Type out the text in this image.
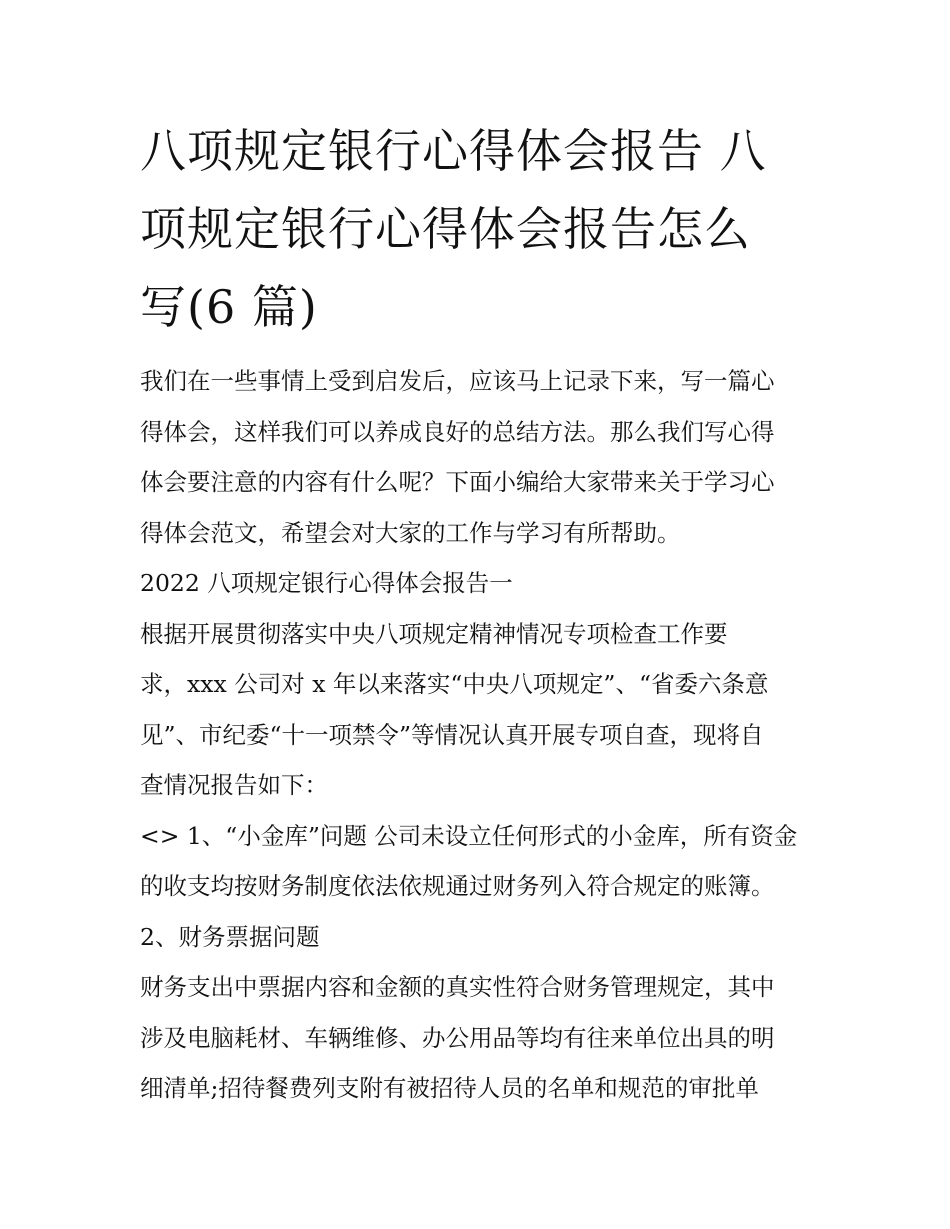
八项规定银行心得体会报告 八
项规定银行心得体会报告怎么
写(6 篇)
我们在一些事情上受到启发后，应该马上记录下来，写一篇心
得体会，这样我们可以养成良好的总结方法。那么我们写心得
体会要注意的内容有什么呢？下面小编给大家带来关于学习心
得体会范文，希望会对大家的工作与学习有所帮助。
2022 八项规定银行心得体会报告一
根据开展贯彻落实中央八项规定精神情况专项检查工作要
求，xxx 公司对 x 年以来落实“中央八项规定”、“省委六条意
见”、市纪委“十一项禁令”等情况认真开展专项自查，现将自
查情况报告如下：
<> 1、“小金库”问题 公司未设立任何形式的小金库，所有资金
的收支均按财务制度依法依规通过财务列入符合规定的账簿。
2、财务票据问题
财务支出中票据内容和金额的真实性符合财务管理规定，其中
涉及电脑耗材、车辆维修、办公用品等均有往来单位出具的明
细清单;招待餐费列支附有被招待人员的名单和规范的审批单
